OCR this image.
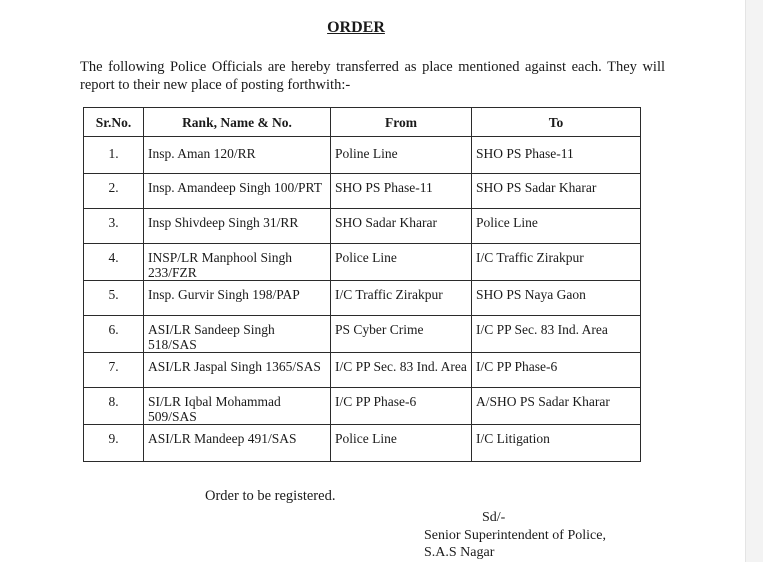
ORDER
The following Police Officials are hereby transferred as place mentioned against each. They will report to their new place of posting forthwith:-
Sr.No.	Rank, Name & No.	From	To
1.	Insp. Aman 120/RR	Poline Line	SHO PS Phase-11
2.	Insp. Amandeep Singh 100/PRT	SHO PS Phase-11	SHO PS Sadar Kharar
3.	Insp Shivdeep Singh 31/RR	SHO Sadar Kharar	Police Line
4.	INSP/LR Manphool Singh 233/FZR	Police Line	I/C Traffic Zirakpur
5.	Insp. Gurvir Singh 198/PAP	I/C Traffic Zirakpur	SHO PS Naya Gaon
6.	ASI/LR Sandeep Singh 518/SAS	PS Cyber Crime	I/C PP Sec. 83 Ind. Area
7.	ASI/LR Jaspal Singh 1365/SAS	I/C PP Sec. 83 Ind. Area	I/C PP Phase-6
8.	SI/LR Iqbal Mohammad 509/SAS	I/C PP Phase-6	A/SHO PS Sadar Kharar
9.	ASI/LR Mandeep 491/SAS	Police Line	I/C Litigation
Order to be registered.
Sd/-
Senior Superintendent of Police,
S.A.S Nagar
